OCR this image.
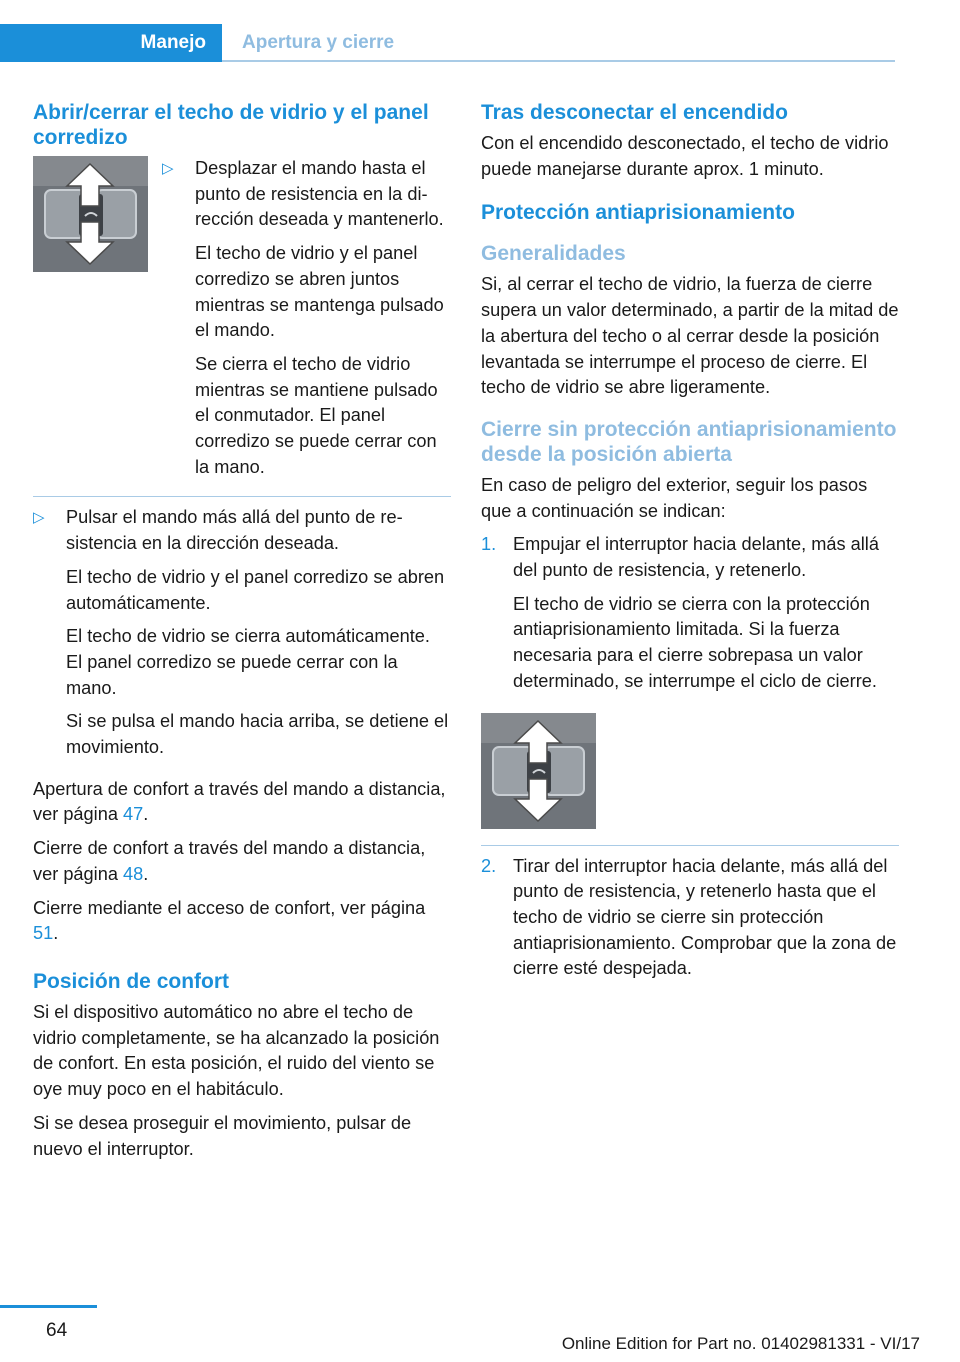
Manejo Apertura y cierre
Abrir/cerrar el techo de vidrio y el panel corredizo
▷ Desplazar el mando hasta el punto de resistencia en la dirección deseada y mantenerlo.

El techo de vidrio y el panel corredizo se abren juntos mientras se mantenga pulsado el mando.

Se cierra el techo de vidrio mientras se mantiene pulsado el conmutador. El panel corredizo se puede cerrar con la mano.

▷ Pulsar el mando más allá del punto de resistencia en la dirección deseada.

El techo de vidrio y el panel corredizo se abren automáticamente.

El techo de vidrio se cierra automáticamente. El panel corredizo se puede cerrar con la mano.

Si se pulsa el mando hacia arriba, se detiene el movimiento.

Apertura de confort a través del mando a distancia, ver página 47.

Cierre de confort a través del mando a distancia, ver página 48.

Cierre mediante el acceso de confort, ver página 51.

Posición de confort

Si el dispositivo automático no abre el techo de vidrio completamente, se ha alcanzado la posición de confort. En esta posición, el ruido del viento se oye muy poco en el habitáculo.

Si se desea proseguir el movimiento, pulsar de nuevo el interruptor.

Tras desconectar el encendido

Con el encendido desconectado, el techo de vidrio puede manejarse durante aprox. 1 minuto.

Protección antiaprisionamiento
Generalidades

Si, al cerrar el techo de vidrio, la fuerza de cierre supera un valor determinado, a partir de la mitad de la abertura del techo o al cerrar desde la posición levantada se interrumpe el proceso de cierre. El techo de vidrio se abre ligeramente.

Cierre sin protección antiaprisionamiento desde la posición abierta

En caso de peligro del exterior, seguir los pasos que a continuación se indican:

1. Empujar el interruptor hacia delante, más allá del punto de resistencia, y retenerlo.

El techo de vidrio se cierra con la protección antiaprisionamiento limitada. Si la fuerza necesaria para el cierre sobrepasa un valor determinado, se interrumpe el ciclo de cierre.

2. Tirar del interruptor hacia delante, más allá del punto de resistencia, y retenerlo hasta que el techo de vidrio se cierre sin protección antiaprisionamiento. Comprobar que la zona de cierre esté despejada.

64
Online Edition for Part no. 01402981331 - VI/17
